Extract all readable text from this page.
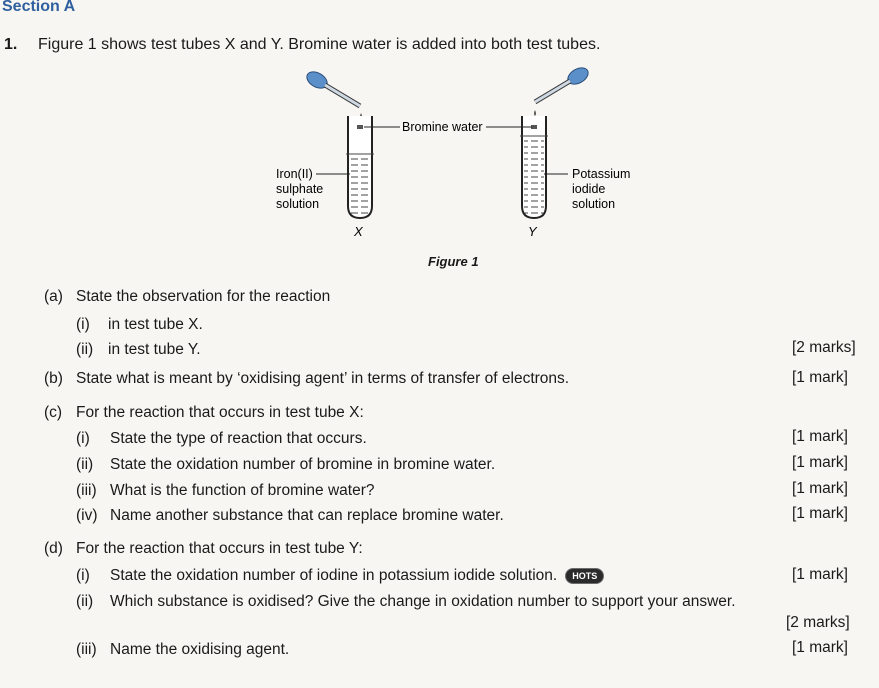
Section A
1. Figure 1 shows test tubes X and Y. Bromine water is added into both test tubes.
Bromine water
Iron(II)
sulphate
solution
Potassium
iodide
solution
X	Y
Figure 1
(a) State the observation for the reaction
(i) in test tube X.
(ii) in test tube Y.	[2 marks]
(b) State what is meant by ‘oxidising agent’ in terms of transfer of electrons.	[1 mark]
(c) For the reaction that occurs in test tube X:
(i) State the type of reaction that occurs.	[1 mark]
(ii) State the oxidation number of bromine in bromine water.	[1 mark]
(iii) What is the function of bromine water?	[1 mark]
(iv) Name another substance that can replace bromine water.	[1 mark]
(d) For the reaction that occurs in test tube Y:
(i) State the oxidation number of iodine in potassium iodide solution. HOTS	[1 mark]
(ii) Which substance is oxidised? Give the change in oxidation number to support your answer.
[2 marks]
(iii) Name the oxidising agent.	[1 mark]
